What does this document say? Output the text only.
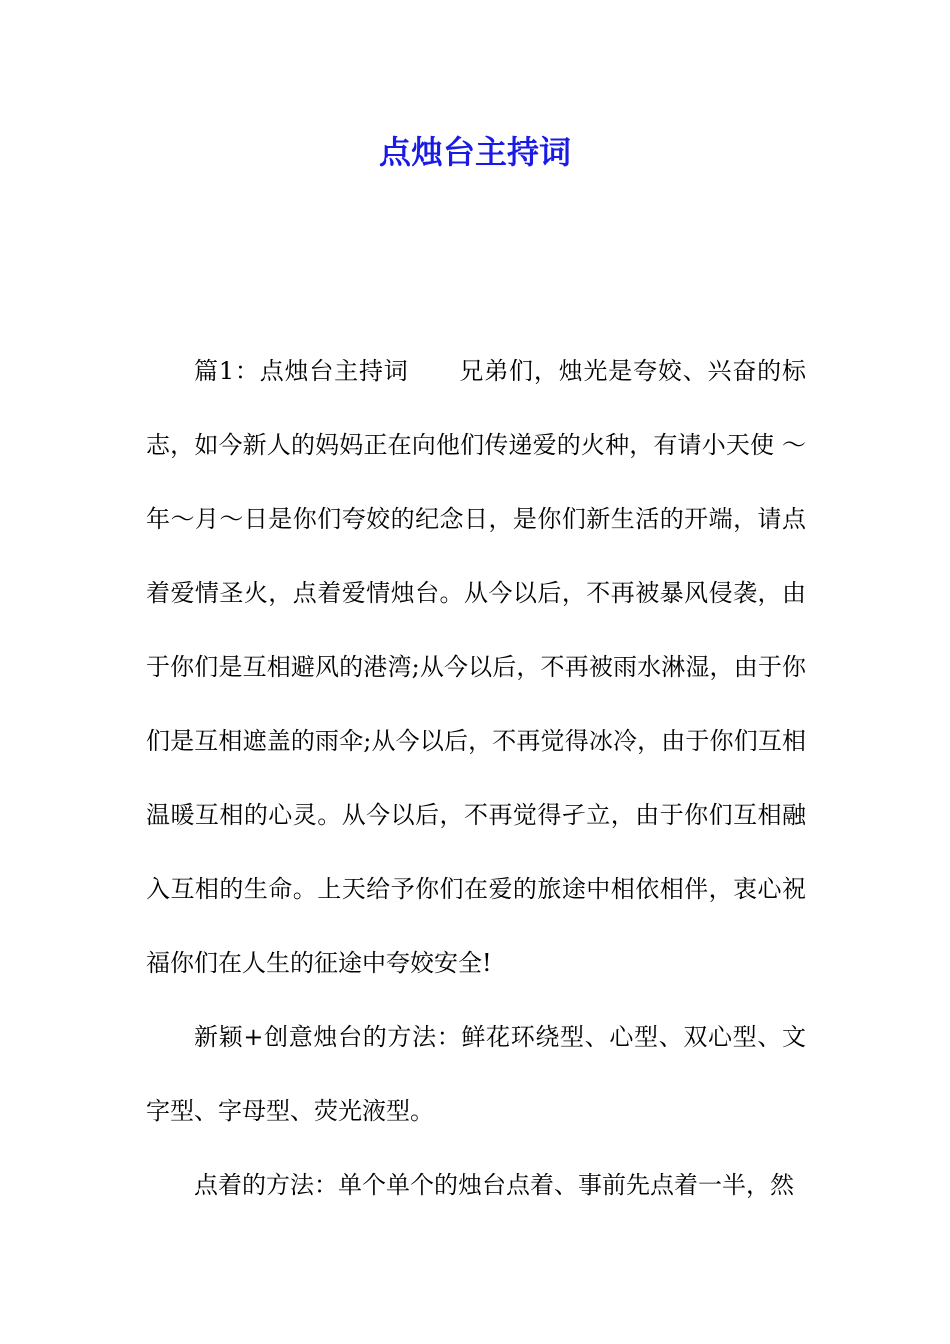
点烛台主持词

篇1：点烛台主持词 兄弟们，烛光是夸姣、兴奋的标志，如今新人的妈妈正在向他们传递爱的火种，有请小天使 ～年～月～日是你们夸姣的纪念日，是你们新生活的开端，请点着爱情圣火，点着爱情烛台。从今以后，不再被暴风侵袭，由于你们是互相避风的港湾;从今以后，不再被雨水淋湿，由于你们是互相遮盖的雨伞;从今以后，不再觉得冰冷，由于你们互相温暖互相的心灵。从今以后，不再觉得孑立，由于你们互相融入互相的生命。上天给予你们在爱的旅途中相依相伴，衷心祝福你们在人生的征途中夸姣安全!

新颖+创意烛台的方法：鲜花环绕型、心型、双心型、文字型、字母型、荧光液型。

点着的方法：单个单个的烛台点着、事前先点着一半，然
